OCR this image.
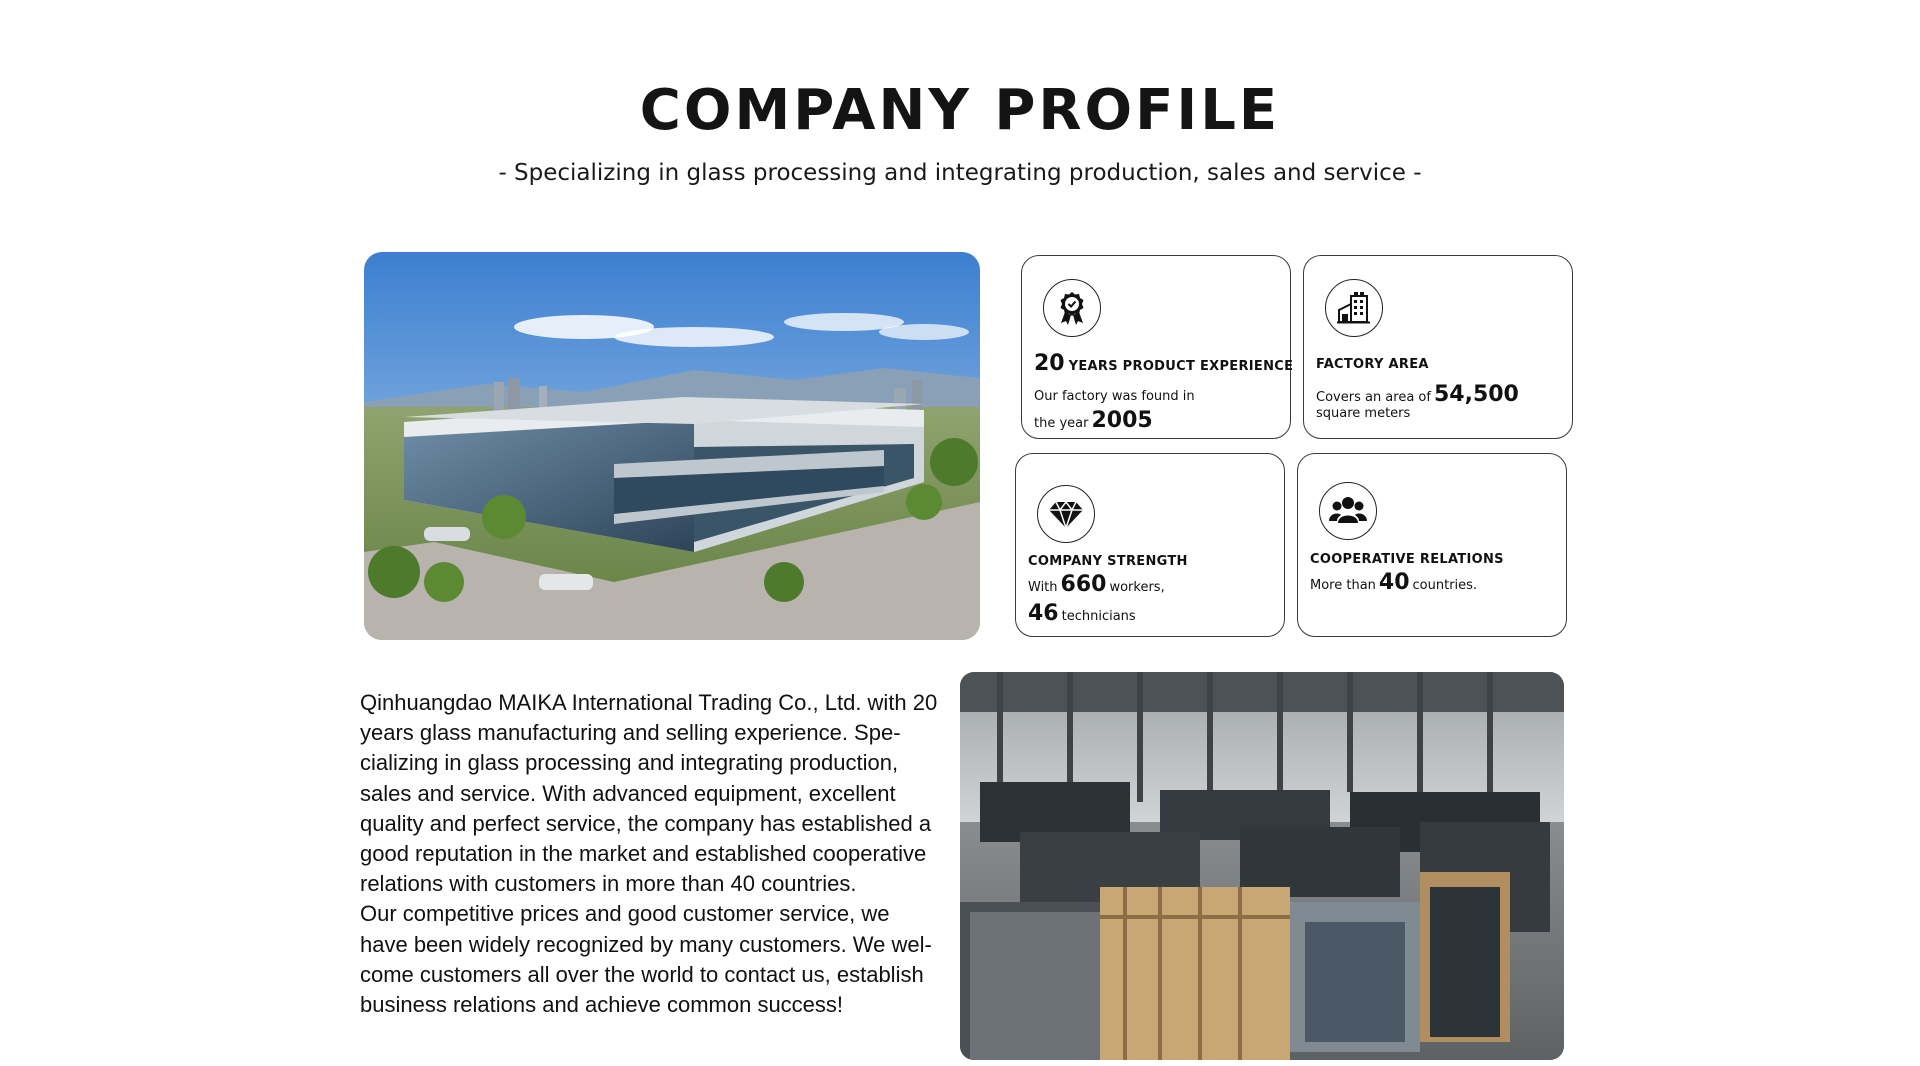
COMPANY PROFILE
- Specializing in glass processing and integrating production, sales and service -
20 YEARS PRODUCT EXPERIENCE
Our factory was found in
the year 2005
FACTORY AREA
Covers an area of 54,500
square meters
COMPANY STRENGTH
With 660 workers,
46 technicians
COOPERATIVE RELATIONS
More than 40 countries.

Qinhuangdao MAIKA International Trading Co., Ltd. with 20 years glass manufacturing and selling experience. Spe-cializing in glass processing and integrating production, sales and service. With advanced equipment, excellent quality and perfect service, the company has established a good reputation in the market and established cooperative relations with customers in more than 40 countries.

Our competitive prices and good customer service, we have been widely recognized by many customers. We wel-come customers all over the world to contact us, establish business relations and achieve common success!
